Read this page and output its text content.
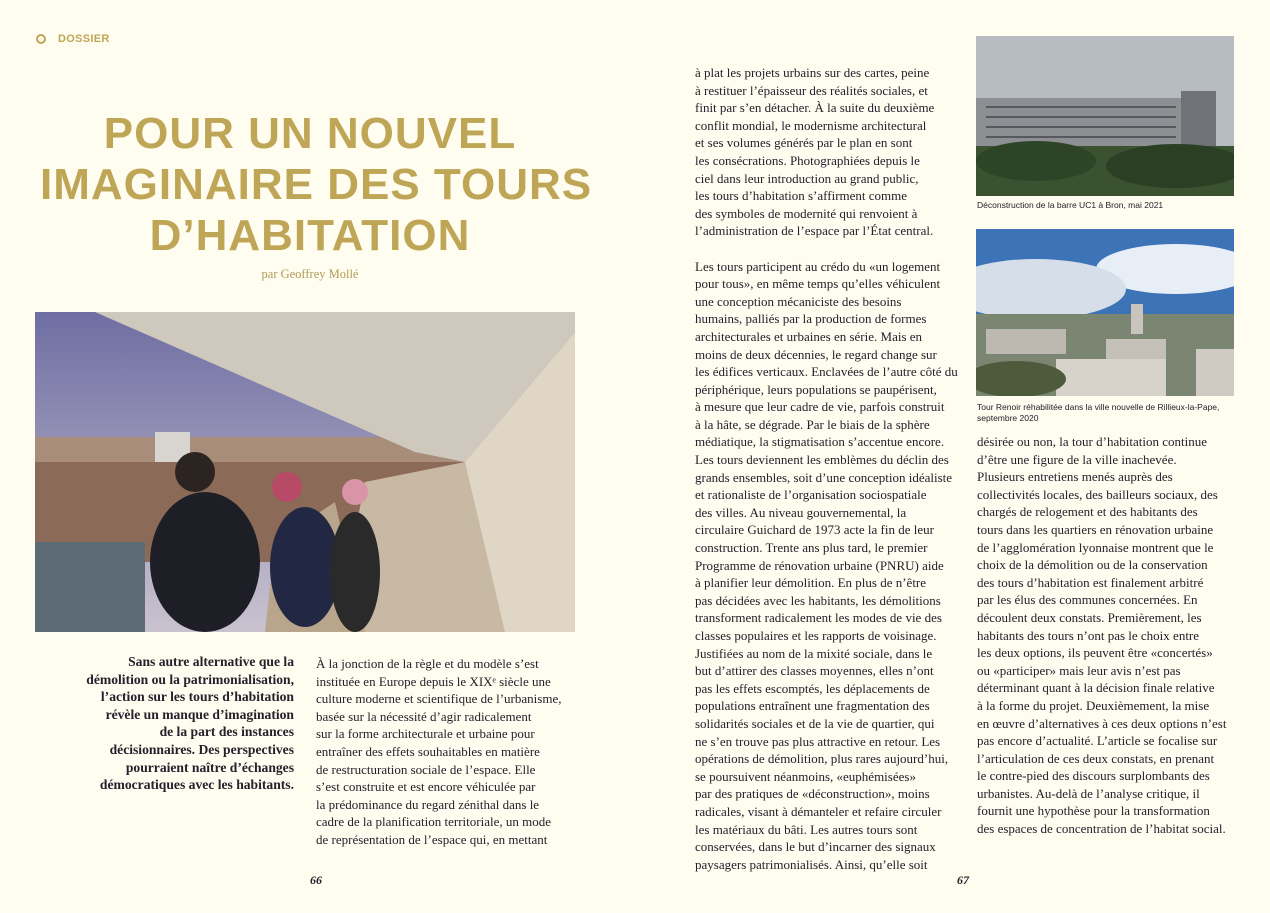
DOSSIER
POUR UN NOUVEL
IMAGINAIRE DES TOURS
D’HABITATION
par Geoffrey Mollé
Sans autre alternative que la
démolition ou la patrimonialisation,
l’action sur les tours d’habitation
révèle un manque d’imagination
de la part des instances
décisionnaires. Des perspectives
pourraient naître d’échanges
démocratiques avec les habitants.
À la jonction de la règle et du modèle s’est
instituée en Europe depuis le XIXᵉ siècle une
culture moderne et scientifique de l’urbanisme,
basée sur la nécessité d’agir radicalement
sur la forme architecturale et urbaine pour
entraîner des effets souhaitables en matière
de restructuration sociale de l’espace. Elle
s’est construite et est encore véhiculée par
la prédominance du regard zénithal dans le
cadre de la planification territoriale, un mode
de représentation de l’espace qui, en mettant
à plat les projets urbains sur des cartes, peine
à restituer l’épaisseur des réalités sociales, et
finit par s’en détacher. À la suite du deuxième
conflit mondial, le modernisme architectural
et ses volumes générés par le plan en sont
les consécrations. Photographiées depuis le
ciel dans leur introduction au grand public,
les tours d’habitation s’affirment comme
des symboles de modernité qui renvoient à
l’administration de l’espace par l’État central.
Les tours participent au crédo du «un logement
pour tous», en même temps qu’elles véhiculent
une conception mécaniciste des besoins
humains, palliés par la production de formes
architecturales et urbaines en série. Mais en
moins de deux décennies, le regard change sur
les édifices verticaux. Enclavées de l’autre côté du
périphérique, leurs populations se paupérisent,
à mesure que leur cadre de vie, parfois construit
à la hâte, se dégrade. Par le biais de la sphère
médiatique, la stigmatisation s’accentue encore.
Les tours deviennent les emblèmes du déclin des
grands ensembles, soit d’une conception idéaliste
et rationaliste de l’organisation sociospatiale
des villes. Au niveau gouvernemental, la
circulaire Guichard de 1973 acte la fin de leur
construction. Trente ans plus tard, le premier
Programme de rénovation urbaine (PNRU) aide
à planifier leur démolition. En plus de n’être
pas décidées avec les habitants, les démolitions
transforment radicalement les modes de vie des
classes populaires et les rapports de voisinage.
Justifiées au nom de la mixité sociale, dans le
but d’attirer des classes moyennes, elles n’ont
pas les effets escomptés, les déplacements de
populations entraînent une fragmentation des
solidarités sociales et de la vie de quartier, qui
ne s’en trouve pas plus attractive en retour. Les
opérations de démolition, plus rares aujourd’hui,
se poursuivent néanmoins, «euphémisées»
par des pratiques de «déconstruction», moins
radicales, visant à démanteler et refaire circuler
les matériaux du bâti. Les autres tours sont
conservées, dans le but d’incarner des signaux
paysagers patrimonialisés. Ainsi, qu’elle soit
désirée ou non, la tour d’habitation continue
d’être une figure de la ville inachevée.
Plusieurs entretiens menés auprès des
collectivités locales, des bailleurs sociaux, des
chargés de relogement et des habitants des
tours dans les quartiers en rénovation urbaine
de l’agglomération lyonnaise montrent que le
choix de la démolition ou de la conservation
des tours d’habitation est finalement arbitré
par les élus des communes concernées. En
découlent deux constats. Premièrement, les
habitants des tours n’ont pas le choix entre
les deux options, ils peuvent être «concertés»
ou «participer» mais leur avis n’est pas
déterminant quant à la décision finale relative
à la forme du projet. Deuxièmement, la mise
en œuvre d’alternatives à ces deux options n’est
pas encore d’actualité. L’article se focalise sur
l’articulation de ces deux constats, en prenant
le contre-pied des discours surplombants des
urbanistes. Au-delà de l’analyse critique, il
fournit une hypothèse pour la transformation
des espaces de concentration de l’habitat social.
Déconstruction de la barre UC1 à Bron, mai 2021
Tour Renoir réhabilitée dans la ville nouvelle de Rillieux-la-Pape,
septembre 2020
66	67
